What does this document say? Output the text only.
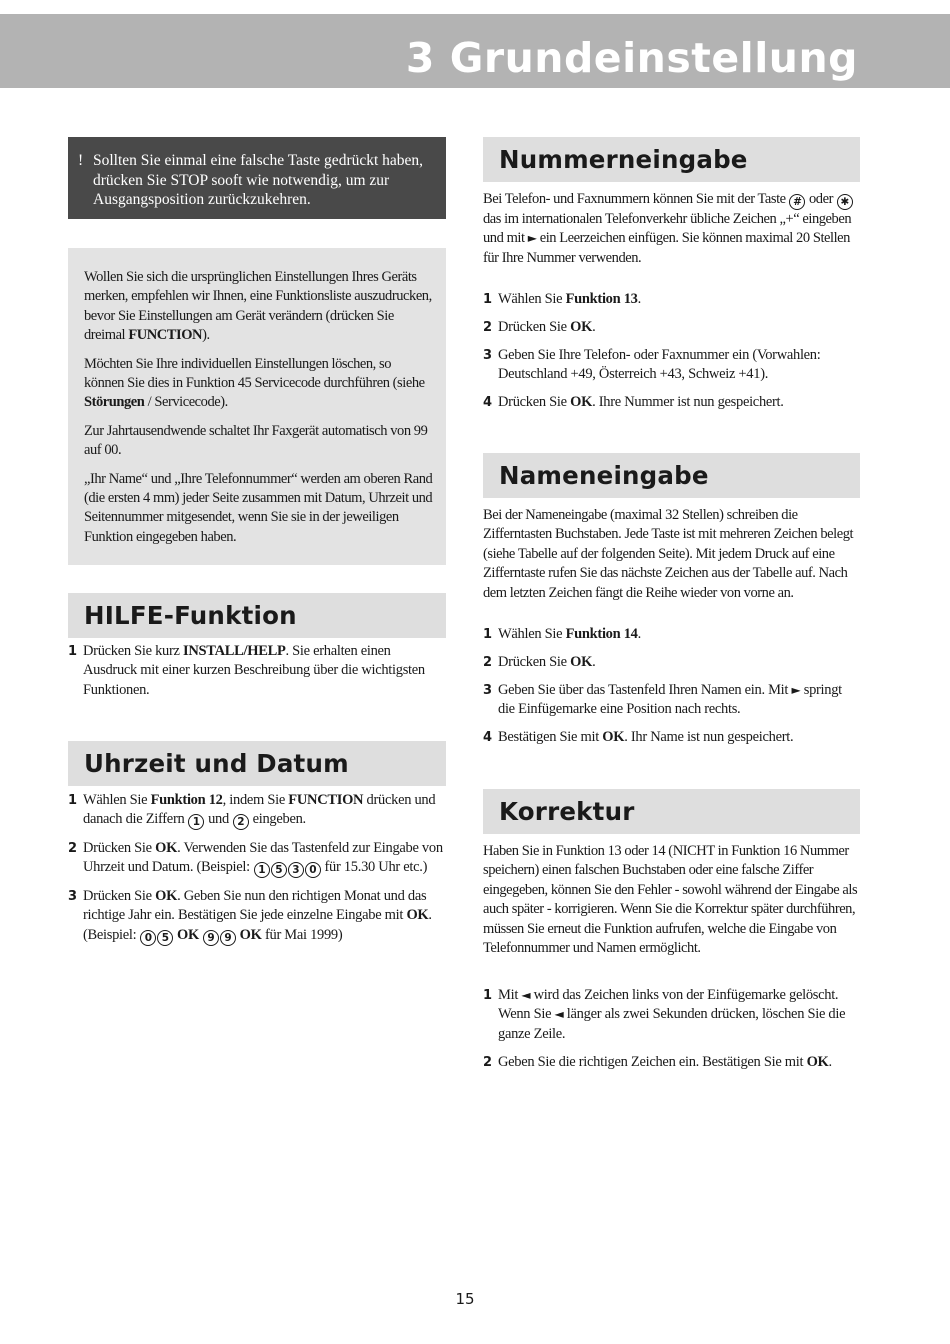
3 Grundeinstellung
! Sollten Sie einmal eine falsche Taste gedrückt haben, drücken Sie STOP sooft wie notwendig, um zur Ausgangsposition zurückzukehren.

Wollen Sie sich die ursprünglichen Einstellungen Ihres Geräts merken, empfehlen wir Ihnen, eine Funktionsliste auszudrucken, bevor Sie Einstellungen am Gerät verändern (drücken Sie dreimal FUNCTION).

Möchten Sie Ihre individuellen Einstellungen löschen, so können Sie dies in Funktion 45 Servicecode durchführen (siehe Störungen / Servicecode).

Zur Jahrtausendwende schaltet Ihr Faxgerät automatisch von 99 auf 00.

„Ihr Name“ und „Ihre Telefonnummer“ werden am oberen Rand (die ersten 4 mm) jeder Seite zusammen mit Datum, Uhrzeit und Seitennummer mitgesendet, wenn Sie sie in der jeweiligen Funktion eingegeben haben.

HILFE-Funktion
1 Drücken Sie kurz INSTALL/HELP. Sie erhalten einen Ausdruck mit einer kurzen Beschreibung über die wichtigsten Funktionen.
Uhrzeit und Datum
1 Wählen Sie Funktion 12, indem Sie FUNCTION drücken und danach die Ziffern 1 und 2 eingeben.
2 Drücken Sie OK. Verwenden Sie das Tastenfeld zur Eingabe von Uhrzeit und Datum. (Beispiel: 1 5 3 0 für 15.30 Uhr etc.)
3 Drücken Sie OK. Geben Sie nun den richtigen Monat und das richtige Jahr ein. Bestätigen Sie jede einzelne Eingabe mit OK. (Beispiel: 0 5 OK 9 9 OK für Mai 1999)
Nummerneingabe
Bei Telefon- und Faxnummern können Sie mit der Taste # oder ✱ das im internationalen Telefonverkehr übliche Zeichen „+“ eingeben und mit ► ein Leerzeichen einfügen. Sie können maximal 20 Stellen für Ihre Nummer verwenden.
1 Wählen Sie Funktion 13.
2 Drücken Sie OK.
3 Geben Sie Ihre Telefon- oder Faxnummer ein (Vorwahlen: Deutschland +49, Österreich +43, Schweiz +41).
4 Drücken Sie OK. Ihre Nummer ist nun gespeichert.
Nameneingabe
Bei der Nameneingabe (maximal 32 Stellen) schreiben die Zifferntasten Buchstaben. Jede Taste ist mit mehreren Zeichen belegt (siehe Tabelle auf der folgenden Seite). Mit jedem Druck auf eine Zifferntaste rufen Sie das nächste Zeichen aus der Tabelle auf. Nach dem letzten Zeichen fängt die Reihe wieder von vorne an.
1 Wählen Sie Funktion 14.
2 Drücken Sie OK.
3 Geben Sie über das Tastenfeld Ihren Namen ein. Mit ► springt die Einfügemarke eine Position nach rechts.
4 Bestätigen Sie mit OK. Ihr Name ist nun gespeichert.
Korrektur
Haben Sie in Funktion 13 oder 14 (NICHT in Funktion 16 Nummer speichern) einen falschen Buchstaben oder eine falsche Ziffer eingegeben, können Sie den Fehler - sowohl während der Eingabe als auch später - korrigieren. Wenn Sie die Korrektur später durchführen, müssen Sie erneut die Funktion aufrufen, welche die Eingabe von Telefonnummer und Namen ermöglicht.
1 Mit ◄ wird das Zeichen links von der Einfügemarke gelöscht. Wenn Sie ◄ länger als zwei Sekunden drücken, löschen Sie die ganze Zeile.
2 Geben Sie die richtigen Zeichen ein. Bestätigen Sie mit OK.
15
